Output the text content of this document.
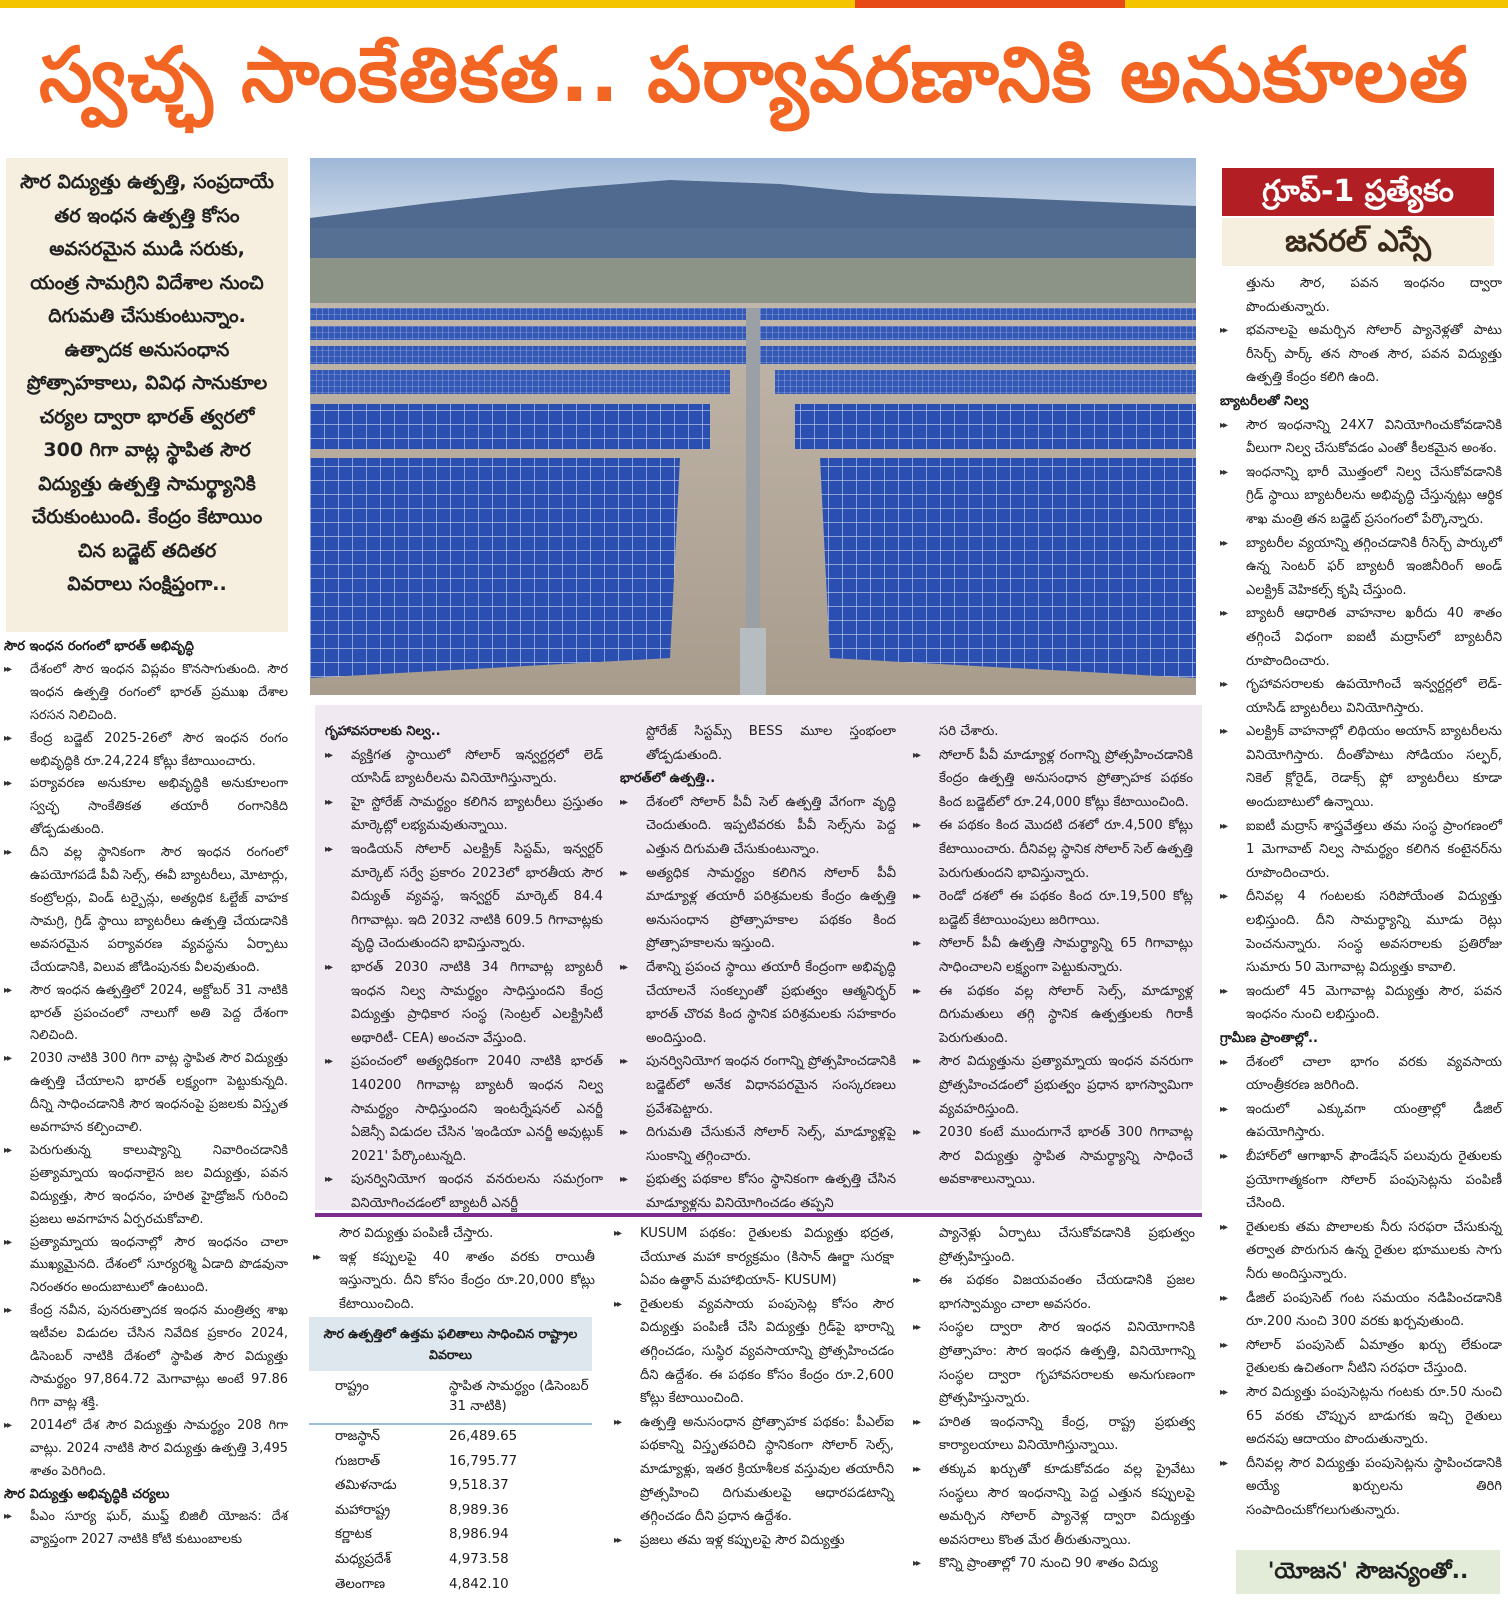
స్వచ్ఛ సాంకేతికత.. పర్యావరణానికి అనుకూలత

సౌర విద్యుత్తు ఉత్పత్తి, సంప్రదాయే

తర ఇంధన ఉత్పత్తి కోసం

అవసరమైన ముడి సరుకు,

యంత్ర సామగ్రిని విదేశాల నుంచి

దిగుమతి చేసుకుంటున్నాం.

ఉత్పాదక అనుసంధాన

ప్రోత్సాహకాలు, వివిధ సానుకూల

చర్యల ద్వారా భారత్ త్వరలో

300 గిగా వాట్ల స్థాపిత సౌర

విద్యుత్తు ఉత్పత్తి సామర్థ్యానికి

చేరుకుంటుంది. కేంద్రం కేటాయిం

చిన బడ్జెట్ తదితర

వివరాలు సంక్షిప్తంగా..

గ్రూప్-1 ప్రత్యేకం
జనరల్ ఎస్సే

సౌర ఇంధన రంగంలో భారత్ అభివృద్ధి

▸▸ దేశంలో సౌర ఇంధన విప్లవం కొనసాగుతుంది. సౌర ఇంధన ఉత్పత్తి రంగంలో భారత్ ప్రముఖ దేశాల సరసన నిలిచింది.
▸▸ కేంద్ర బడ్జెట్ 2025-26లో సౌర ఇంధన రంగం అభివృద్ధికి రూ.24,224 కోట్లు కేటాయించారు.
▸▸ పర్యావరణ అనుకూల అభివృద్ధికి అనుకూలంగా స్వచ్ఛ సాంకేతికత తయారీ రంగానికిది తోడ్పడుతుంది.
▸▸ దీని వల్ల స్థానికంగా సౌర ఇంధన రంగంలో ఉపయోగపడే పీవీ సెల్స్, ఈవీ బ్యాటరీలు, మోటార్లు, కంట్రోలర్లు, విండ్ టర్బైన్లు, అత్యధిక ఓల్టేజ్ వాహక సామగ్రి, గ్రిడ్ స్థాయి బ్యాటరీలు ఉత్పత్తి చేయడానికి అవసరమైన పర్యావరణ వ్యవస్థను ఏర్పాటు చేయడానికి, విలువ జోడింపునకు వీలవుతుంది.
▸▸ సౌర ఇంధన ఉత్పత్తిలో 2024, అక్టోబర్ 31 నాటికి భారత్ ప్రపంచంలో నాలుగో అతి పెద్ద దేశంగా నిలిచింది.
▸▸ 2030 నాటికి 300 గిగా వాట్ల స్థాపిత సౌర విద్యుత్తు ఉత్పత్తి చేయాలని భారత్ లక్ష్యంగా పెట్టుకున్నది. దీన్ని సాధించడానికి సౌర ఇంధనంపై ప్రజలకు విస్తృత అవగాహన కల్పించాలి.
▸▸ పెరుగుతున్న కాలుష్యాన్ని నివారించడానికి ప్రత్యామ్నాయ ఇంధనాలైన జల విద్యుత్తు, పవన విద్యుత్తు, సౌర ఇంధనం, హరిత హైడ్రోజన్ గురించి ప్రజలు అవగాహన ఏర్పరచుకోవాలి.
▸▸ ప్రత్యామ్నాయ ఇంధనాల్లో సౌర ఇంధనం చాలా ముఖ్యమైనది. దేశంలో సూర్యరశ్మి ఏడాది పొడవునా నిరంతరం అందుబాటులో ఉంటుంది.
▸▸ కేంద్ర నవీన, పునరుత్పాదక ఇంధన మంత్రిత్వ శాఖ ఇటీవల విడుదల చేసిన నివేదిక ప్రకారం 2024, డిసెంబర్ నాటికి దేశంలో స్థాపిత సౌర విద్యుత్తు సామర్థ్యం 97,864.72 మెగావాట్లు అంటే 97.86 గిగా వాట్ల శక్తి.
▸▸ 2014లో దేశ సౌర విద్యుత్తు సామర్థ్యం 208 గిగా వాట్లు. 2024 నాటికి సౌర విద్యుత్తు ఉత్పత్తి 3,495 శాతం పెరిగింది.

సౌర విద్యుత్తు అభివృద్ధికి చర్యలు

▸▸ పీఎం సూర్య ఘర్, ముఫ్త్ బిజిలీ యోజన: దేశ వ్యాప్తంగా 2027 నాటికి కోటి కుటుంబాలకు

గృహావసరాలకు నిల్వ..

▸▸ వ్యక్తిగత స్థాయిలో సోలార్ ఇన్వర్టర్లలో లెడ్ యాసిడ్ బ్యాటరీలను వినియోగిస్తున్నారు.
▸▸ హై స్టోరేజ్ సామర్థ్యం కలిగిన బ్యాటరీలు ప్రస్తుతం మార్కెట్లో లభ్యమవుతున్నాయి.
▸▸ ఇండియన్ సోలార్ ఎలక్ట్రిక్ సిస్టమ్, ఇన్వర్టర్ మార్కెట్ సర్వే ప్రకారం 2023లో భారతీయ సౌర విద్యుత్ వ్యవస్థ, ఇన్వర్టర్ మార్కెట్ 84.4 గిగావాట్లు. ఇది 2032 నాటికి 609.5 గిగావాట్లకు వృద్ధి చెందుతుందని భావిస్తున్నారు.
▸▸ భారత్ 2030 నాటికి 34 గిగావాట్ల బ్యాటరీ ఇంధన నిల్వ సామర్థ్యం సాధిస్తుందని కేంద్ర విద్యుత్తు ప్రాధికార సంస్థ (సెంట్రల్ ఎలక్ట్రిసిటీ అథారిటీ- CEA) అంచనా వేస్తుంది.
▸▸ ప్రపంచంలో అత్యధికంగా 2040 నాటికి భారత్ 140200 గిగావాట్ల బ్యాటరీ ఇంధన నిల్వ సామర్థ్యం సాధిస్తుందని ఇంటర్నేషనల్ ఎనర్జీ ఏజెన్సీ విడుదల చేసిన 'ఇండియా ఎనర్జీ అవుట్లుక్ 2021' పేర్కొంటున్నది.
▸▸ పునర్వినియోగ ఇంధన వనరులను సమగ్రంగా వినియోగించడంలో బ్యాటరీ ఎనర్జీ

స్టోరేజ్ సిస్టమ్స్ BESS మూల స్తంభంలా తోడ్పడుతుంది.

భారత్‌లో ఉత్పత్తి..

▸▸ దేశంలో సోలార్ పీవీ సెల్ ఉత్పత్తి వేగంగా వృద్ధి చెందుతుంది. ఇప్పటివరకు పీవీ సెల్స్‌ను పెద్ద ఎత్తున దిగుమతి చేసుకుంటున్నాం.
▸▸ అత్యధిక సామర్థ్యం కలిగిన సోలార్ పీవీ మాడ్యూళ్ల తయారీ పరిశ్రమలకు కేంద్రం ఉత్పత్తి అనుసంధాన ప్రోత్సాహకాల పథకం కింద ప్రోత్సాహకాలను ఇస్తుంది.
▸▸ దేశాన్ని ప్రపంచ స్థాయి తయారీ కేంద్రంగా అభివృద్ధి చేయాలనే సంకల్పంతో ప్రభుత్వం ఆత్మనిర్భర్ భారత్ చొరవ కింద స్థానిక పరిశ్రమలకు సహకారం అందిస్తుంది.
▸▸ పునర్వినియోగ ఇంధన రంగాన్ని ప్రోత్సహించడానికి బడ్జెట్‌లో అనేక విధానపరమైన సంస్కరణలు ప్రవేశపెట్టారు.
▸▸ దిగుమతి చేసుకునే సోలార్ సెల్స్, మాడ్యూళ్లపై సుంకాన్ని తగ్గించారు.
▸▸ ప్రభుత్వ పథకాల కోసం స్థానికంగా ఉత్పత్తి చేసిన మాడ్యూళ్లను వినియోగించడం తప్పని

సరి చేశారు.

▸▸ సోలార్ పీవీ మాడ్యూళ్ల రంగాన్ని ప్రోత్సహించడానికి కేంద్రం ఉత్పత్తి అనుసంధాన ప్రోత్సాహక పథకం కింద బడ్జెట్‌లో రూ.24,000 కోట్లు కేటాయించింది.
▸▸ ఈ పథకం కింద మొదటి దశలో రూ.4,500 కోట్లు కేటాయించారు. దీనివల్ల స్థానిక సోలార్ సెల్ ఉత్పత్తి పెరుగుతుందని భావిస్తున్నారు.
▸▸ రెండో దశలో ఈ పథకం కింద రూ.19,500 కోట్ల బడ్జెట్ కేటాయింపులు జరిగాయి.
▸▸ సోలార్ పీవీ ఉత్పత్తి సామర్థ్యాన్ని 65 గిగావాట్లు సాధించాలని లక్ష్యంగా పెట్టుకున్నారు.
▸▸ ఈ పథకం వల్ల సోలార్ సెల్స్, మాడ్యూళ్ల దిగుమతులు తగ్గి స్థానిక ఉత్పత్తులకు గిరాకీ పెరుగుతుంది.
▸▸ సౌర విద్యుత్తును ప్రత్యామ్నాయ ఇంధన వనరుగా ప్రోత్సహించడంలో ప్రభుత్వం ప్రధాన భాగస్వామిగా వ్యవహరిస్తుంది.
▸▸ 2030 కంటే ముందుగానే భారత్ 300 గిగావాట్ల సౌర విద్యుత్తు స్థాపిత సామర్థ్యాన్ని సాధించే అవకాశాలున్నాయి.

సౌర విద్యుత్తు పంపిణీ చేస్తారు.

▸▸ ఇళ్ల కప్పులపై 40 శాతం వరకు రాయితీ ఇస్తున్నారు. దీని కోసం కేంద్రం రూ.20,000 కోట్లు కేటాయించింది.
సౌర ఉత్పత్తిలో ఉత్తమ ఫలితాలు సాధించిన రాష్ట్రాల వివరాలు
రాష్ట్రం	స్థాపిత సామర్థ్యం (డిసెంబర్ 31 నాటికి)
రాజస్థాన్	26,489.65
గుజరాత్	16,795.77
తమిళనాడు	9,518.37
మహారాష్ట్ర	8,989.36
కర్ణాటక	8,986.94
మధ్యప్రదేశ్	4,973.58
తెలంగాణ	4,842.10
▸▸ KUSUM పథకం: రైతులకు విద్యుత్తు భద్రత, చేయూత మహా కార్యక్రమం (కిసాన్ ఊర్జా సురక్షా ఏవం ఉత్థాన్ మహాభియాన్- KUSUM)
▸▸ రైతులకు వ్యవసాయ పంపుసెట్ల కోసం సౌర విద్యుత్తు పంపిణీ చేసి విద్యుత్తు గ్రిడ్‌పై భారాన్ని తగ్గించడం, సుస్థిర వ్యవసాయాన్ని ప్రోత్సహించడం దీని ఉద్దేశం. ఈ పథకం కోసం కేంద్రం రూ.2,600 కోట్లు కేటాయించింది.
▸▸ ఉత్పత్తి అనుసంధాన ప్రోత్సాహక పథకం: పీఎల్ఐ పథకాన్ని విస్తృతపరిచి స్థానికంగా సోలార్ సెల్స్, మాడ్యూళ్లు, ఇతర క్రియాశీలక వస్తువుల తయారీని ప్రోత్సహించి దిగుమతులపై ఆధారపడటాన్ని తగ్గించడం దీని ప్రధాన ఉద్దేశం.
▸▸ ప్రజలు తమ ఇళ్ల కప్పులపై సౌర విద్యుత్తు

ప్యానెళ్లు ఏర్పాటు చేసుకోవడానికి ప్రభుత్వం ప్రోత్సహిస్తుంది.

▸▸ ఈ పథకం విజయవంతం చేయడానికి ప్రజల భాగస్వామ్యం చాలా అవసరం.
▸▸ సంస్థల ద్వారా సౌర ఇంధన వినియోగానికి ప్రోత్సాహం: సౌర ఇంధన ఉత్పత్తి, వినియోగాన్ని సంస్థల ద్వారా గృహావసరాలకు అనుగుణంగా ప్రోత్సహిస్తున్నారు.
▸▸ హరిత ఇంధనాన్ని కేంద్ర, రాష్ట్ర ప్రభుత్వ కార్యాలయాలు వినియోగిస్తున్నాయి.
▸▸ తక్కువ ఖర్చుతో కూడుకోవడం వల్ల ప్రైవేటు సంస్థలు సౌర ఇంధనాన్ని పెద్ద ఎత్తున కప్పులపై అమర్చిన సోలార్ ప్యానెళ్ల ద్వారా విద్యుత్తు అవసరాలు కొంత మేర తీరుతున్నాయి.
▸▸ కొన్ని ప్రాంతాల్లో 70 నుంచి 90 శాతం విద్యు

త్తును సౌర, పవన ఇంధనం ద్వారా పొందుతున్నారు.

▸▸ భవనాలపై అమర్చిన సోలార్ ప్యానెళ్లతో పాటు రీసెర్చ్ పార్క్ తన సొంత సౌర, పవన విద్యుత్తు ఉత్పత్తి కేంద్రం కలిగి ఉంది.

బ్యాటరీలతో నిల్వ

▸▸ సౌర ఇంధనాన్ని 24X7 వినియోగించుకోవడానికి వీలుగా నిల్వ చేసుకోవడం ఎంతో కీలకమైన అంశం.
▸▸ ఇంధనాన్ని భారీ మొత్తంలో నిల్వ చేసుకోవడానికి గ్రిడ్ స్థాయి బ్యాటరీలను అభివృద్ధి చేస్తున్నట్లు ఆర్థిక శాఖ మంత్రి తన బడ్జెట్ ప్రసంగంలో పేర్కొన్నారు.
▸▸ బ్యాటరీల వ్యయాన్ని తగ్గించడానికి రీసెర్చ్ పార్కులో ఉన్న సెంటర్ ఫర్ బ్యాటరీ ఇంజినీరింగ్ అండ్ ఎలక్ట్రిక్ వెహికల్స్ కృషి చేస్తుంది.
▸▸ బ్యాటరీ ఆధారిత వాహనాల ఖరీదు 40 శాతం తగ్గించే విధంగా ఐఐటీ మద్రాస్‌లో బ్యాటరీని రూపొందించారు.
▸▸ గృహావసరాలకు ఉపయోగించే ఇన్వర్టర్లలో లెడ్-యాసిడ్ బ్యాటరీలు వినియోగిస్తారు.
▸▸ ఎలక్ట్రిక్ వాహనాల్లో లిథియం అయాన్ బ్యాటరీలను వినియోగిస్తారు. దీంతోపాటు సోడియం సల్ఫర్, నికెల్ క్లోరైడ్, రెడాక్స్ ఫ్లో బ్యాటరీలు కూడా అందుబాటులో ఉన్నాయి.
▸▸ ఐఐటీ మద్రాస్ శాస్త్రవేత్తలు తమ సంస్థ ప్రాంగణంలో 1 మెగావాట్ నిల్వ సామర్థ్యం కలిగిన కంటైనర్‌ను రూపొందించారు.
▸▸ దీనివల్ల 4 గంటలకు సరిపోయేంత విద్యుత్తు లభిస్తుంది. దీని సామర్థ్యాన్ని మూడు రెట్లు పెంచనున్నారు. సంస్థ అవసరాలకు ప్రతిరోజు సుమారు 50 మెగావాట్ల విద్యుత్తు కావాలి.
▸▸ ఇందులో 45 మెగావాట్ల విద్యుత్తు సౌర, పవన ఇంధనం నుంచి లభిస్తుంది.

గ్రామీణ ప్రాంతాల్లో..

▸▸ దేశంలో చాలా భాగం వరకు వ్యవసాయ యాంత్రీకరణ జరిగింది.
▸▸ ఇందులో ఎక్కువగా యంత్రాల్లో డీజిల్ ఉపయోగిస్తారు.
▸▸ బీహార్‌లో ఆగాఖాన్ ఫౌండేషన్ పలువురు రైతులకు ప్రయోగాత్మకంగా సోలార్ పంపుసెట్లను పంపిణీ చేసింది.
▸▸ రైతులకు తమ పొలాలకు నీరు సరఫరా చేసుకున్న తర్వాత పొరుగున ఉన్న రైతుల భూములకు సాగు నీరు అందిస్తున్నారు.
▸▸ డీజిల్ పంపుసెట్ గంట సమయం నడిపించడానికి రూ.200 నుంచి 300 వరకు ఖర్చవుతుంది.
▸▸ సోలార్ పంపుసెట్ ఏమాత్రం ఖర్చు లేకుండా రైతులకు ఉచితంగా నీటిని సరఫరా చేస్తుంది.
▸▸ సౌర విద్యుత్తు పంపుసెట్లను గంటకు రూ.50 నుంచి 65 వరకు చొప్పున బాడుగకు ఇచ్చి రైతులు అదనపు ఆదాయం పొందుతున్నారు.
▸▸ దీనివల్ల సౌర విద్యుత్తు పంపుసెట్లను స్థాపించడానికి అయ్యే ఖర్చులను తిరిగి సంపాదించుకోగలుగుతున్నారు.
'యోజన' సౌజన్యంతో..
